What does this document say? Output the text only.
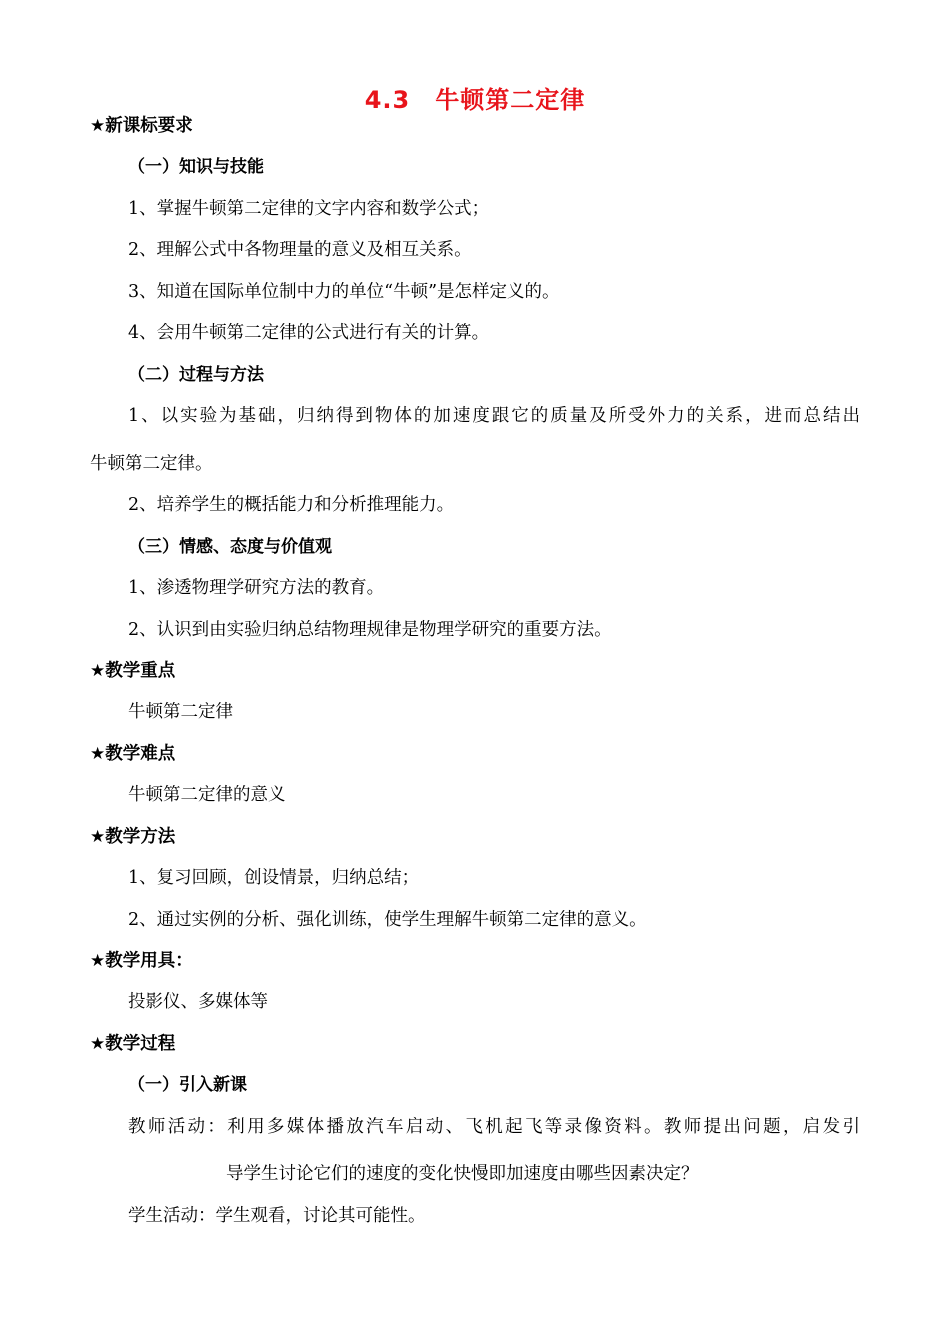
4.3　牛顿第二定律
★新课标要求
（一）知识与技能
1、掌握牛顿第二定律的文字内容和数学公式；
2、理解公式中各物理量的意义及相互关系。
3、知道在国际单位制中力的单位“牛顿”是怎样定义的。
4、会用牛顿第二定律的公式进行有关的计算。
（二）过程与方法
1、以实验为基础，归纳得到物体的加速度跟它的质量及所受外力的关系，进而总结出
牛顿第二定律。
2、培养学生的概括能力和分析推理能力。
（三）情感、态度与价值观
1、渗透物理学研究方法的教育。
2、认识到由实验归纳总结物理规律是物理学研究的重要方法。
★教学重点
牛顿第二定律
★教学难点
牛顿第二定律的意义
★教学方法
1、复习回顾，创设情景，归纳总结；
2、通过实例的分析、强化训练，使学生理解牛顿第二定律的意义。
★教学用具：
投影仪、多媒体等
★教学过程
（一）引入新课
教师活动：利用多媒体播放汽车启动、飞机起飞等录像资料。教师提出问题，启发引
导学生讨论它们的速度的变化快慢即加速度由哪些因素决定？
学生活动：学生观看，讨论其可能性。
